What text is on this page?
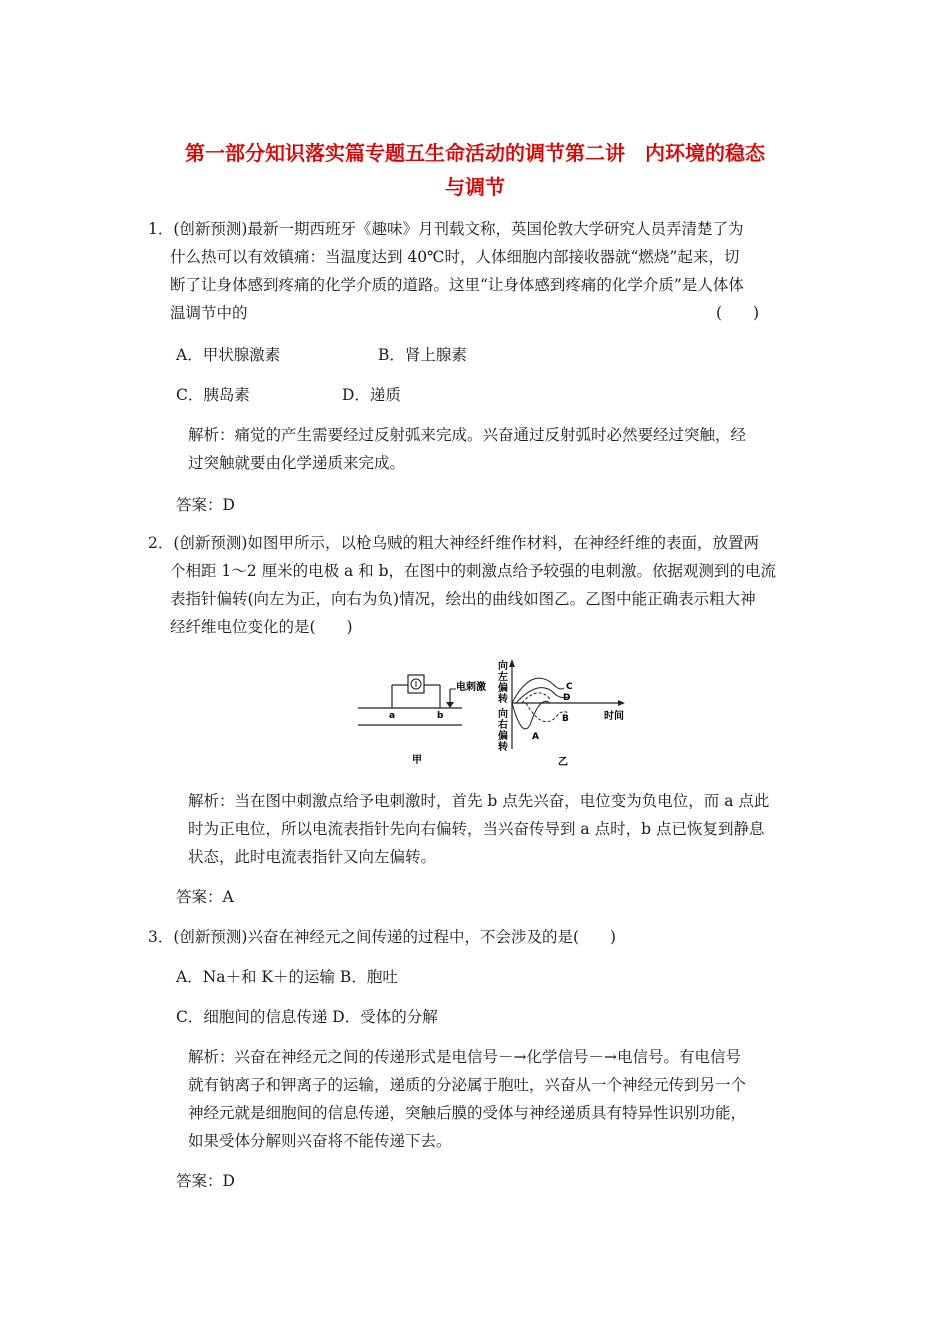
第一部分知识落实篇专题五生命活动的调节第二讲　内环境的稳态
与调节
1．(创新预测)最新一期西班牙《趣味》月刊载文称，英国伦敦大学研究人员弄清楚了为
什么热可以有效镇痛：当温度达到 40℃时，人体细胞内部接收器就“燃烧”起来，切
断了让身体感到疼痛的化学介质的道路。这里“让身体感到疼痛的化学介质”是人体体
温调节中的	(　　)
A．甲状腺激素	B．肾上腺素
C．胰岛素	D．递质
解析：痛觉的产生需要经过反射弧来完成。兴奋通过反射弧时必然要经过突触，经
过突触就要由化学递质来完成。
答案：D
2．(创新预测)如图甲所示，以枪乌贼的粗大神经纤维作材料，在神经纤维的表面，放置两
个相距 1～2 厘米的电极 a 和 b，在图中的刺激点给予较强的电刺激。依据观测到的电流
表指针偏转(向左为正，向右为负)情况，绘出的曲线如图乙。乙图中能正确表示粗大神
经纤维电位变化的是(　　)
电刺激
a	b
甲
向
左
偏
转
向
右
偏
转
时间
A
B
C
D
乙
解析：当在图中刺激点给予电刺激时，首先 b 点先兴奋，电位变为负电位，而 a 点此
时为正电位，所以电流表指针先向右偏转，当兴奋传导到 a 点时，b 点已恢复到静息
状态，此时电流表指针又向左偏转。
答案：A
3．(创新预测)兴奋在神经元之间传递的过程中，不会涉及的是(　　)
A．Na＋和 K＋的运输 B．胞吐
C．细胞间的信息传递 D．受体的分解
解析：兴奋在神经元之间的传递形式是电信号－→化学信号－→电信号。有电信号
就有钠离子和钾离子的运输，递质的分泌属于胞吐，兴奋从一个神经元传到另一个
神经元就是细胞间的信息传递，突触后膜的受体与神经递质具有特异性识别功能，
如果受体分解则兴奋将不能传递下去。
答案：D
